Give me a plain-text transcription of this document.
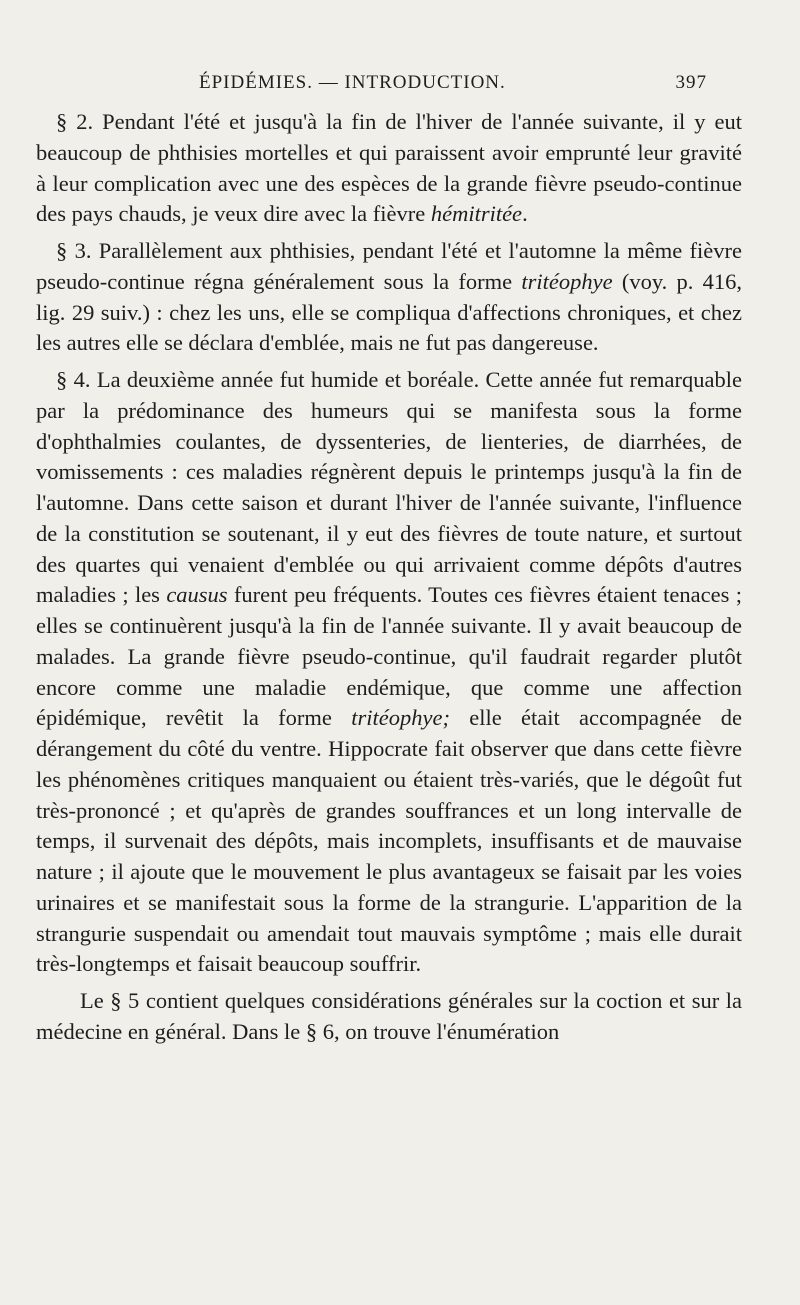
ÉPIDÉMIES. — INTRODUCTION.	397

§ 2. Pendant l'été et jusqu'à la fin de l'hiver de l'année suivante, il y eut beaucoup de phthisies mortelles et qui paraissent avoir emprunté leur gravité à leur complication avec une des espèces de la grande fièvre pseudo-continue des pays chauds, je veux dire avec la fièvre hémitritée.

§ 3. Parallèlement aux phthisies, pendant l'été et l'automne la même fièvre pseudo-continue régna généralement sous la forme tritéophye (voy. p. 416, lig. 29 suiv.) : chez les uns, elle se compliqua d'affections chroniques, et chez les autres elle se déclara d'emblée, mais ne fut pas dangereuse.

§ 4. La deuxième année fut humide et boréale. Cette année fut remarquable par la prédominance des humeurs qui se manifesta sous la forme d'ophthalmies coulantes, de dyssenteries, de lienteries, de diarrhées, de vomissements : ces maladies régnèrent depuis le printemps jusqu'à la fin de l'automne. Dans cette saison et durant l'hiver de l'année suivante, l'influence de la constitution se soutenant, il y eut des fièvres de toute nature, et surtout des quartes qui venaient d'emblée ou qui arrivaient comme dépôts d'autres maladies ; les causus furent peu fréquents. Toutes ces fièvres étaient tenaces ; elles se continuèrent jusqu'à la fin de l'année suivante. Il y avait beaucoup de malades. La grande fièvre pseudo-continue, qu'il faudrait regarder plutôt encore comme une maladie endémique, que comme une affection épidémique, revêtit la forme tritéophye; elle était accompagnée de dérangement du côté du ventre. Hippocrate fait observer que dans cette fièvre les phénomènes critiques manquaient ou étaient très-variés, que le dégoût fut très-prononcé ; et qu'après de grandes souffrances et un long intervalle de temps, il survenait des dépôts, mais incomplets, insuffisants et de mauvaise nature ; il ajoute que le mouvement le plus avantageux se faisait par les voies urinaires et se manifestait sous la forme de la strangurie. L'apparition de la strangurie suspendait ou amendait tout mauvais symptôme ; mais elle durait très-longtemps et faisait beaucoup souffrir.

Le § 5 contient quelques considérations générales sur la coction et sur la médecine en général. Dans le § 6, on trouve l'énumération
